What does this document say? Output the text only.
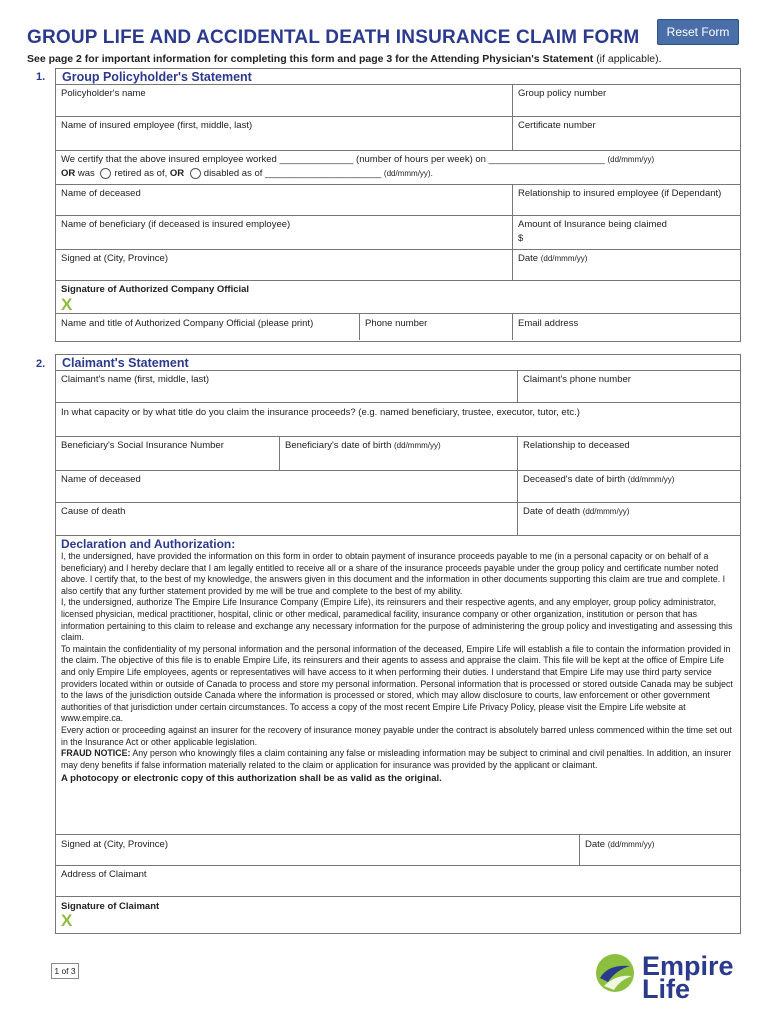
GROUP LIFE AND ACCIDENTAL DEATH INSURANCE CLAIM FORM	Reset Form
See page 2 for important information for completing this form and page 3 for the Attending Physician's Statement (if applicable).
1. Group Policyholder's Statement
Policyholder's name	Group policy number
Name of insured employee (first, middle, last)	Certificate number
We certify that the above insured employee worked ______________ (number of hours per week) on ______________________ (dd/mmm/yy)
OR was retired as of, OR disabled as of ______________________ (dd/mmm/yy).
Name of deceased	Relationship to insured employee (if Dependant)
Name of beneficiary (if deceased is insured employee)	Amount of Insurance being claimed
$
Signed at (City, Province)	Date (dd/mmm/yy)
Signature of Authorized Company Official
X
Name and title of Authorized Company Official (please print)	Phone number	Email address
2. Claimant's Statement
Claimant's name (first, middle, last)	Claimant's phone number
In what capacity or by what title do you claim the insurance proceeds? (e.g. named beneficiary, trustee, executor, tutor, etc.)
Beneficiary's Social Insurance Number	Beneficiary's date of birth (dd/mmm/yy)	Relationship to deceased
Name of deceased	Deceased's date of birth (dd/mmm/yy)
Cause of death	Date of death (dd/mmm/yy)
Declaration and Authorization:
I, the undersigned, have provided the information on this form in order to obtain payment of insurance proceeds payable to me (in a personal capacity or on behalf of a beneficiary) and I hereby declare that I am legally entitled to receive all or a share of the insurance proceeds payable under the group policy and certificate number noted above. I certify that, to the best of my knowledge, the answers given in this document and the information in other documents supporting this claim are true and complete. I also certify that any further statement provided by me will be true and complete to the best of my ability.
I, the undersigned, authorize The Empire Life Insurance Company (Empire Life), its reinsurers and their respective agents, and any employer, group policy administrator, licensed physician, medical practitioner, hospital, clinic or other medical, paramedical facility, insurance company or other organization, institution or person that has information pertaining to this claim to release and exchange any necessary information for the purpose of administering the group policy and investigating and assessing this claim.
To maintain the confidentiality of my personal information and the personal information of the deceased, Empire Life will establish a file to contain the information provided in the claim. The objective of this file is to enable Empire Life, its reinsurers and their agents to assess and appraise the claim. This file will be kept at the office of Empire Life and only Empire Life employees, agents or representatives will have access to it when performing their duties. I understand that Empire Life may use third party service providers located within or outside of Canada to process and store my personal information. Personal information that is processed or stored outside Canada may be subject to the laws of the jurisdiction outside Canada where the information is processed or stored, which may allow disclosure to courts, law enforcement or other government authorities of that jurisdiction under certain circumstances. To access a copy of the most recent Empire Life Privacy Policy, please visit the Empire Life website at www.empire.ca.
Every action or proceeding against an insurer for the recovery of insurance money payable under the contract is absolutely barred unless commenced within the time set out in the Insurance Act or other applicable legislation.
FRAUD NOTICE: Any person who knowingly files a claim containing any false or misleading information may be subject to criminal and civil penalties. In addition, an insurer may deny benefits if false information materially related to the claim or application for insurance was provided by the applicant or claimant.
A photocopy or electronic copy of this authorization shall be as valid as the original.
Signed at (City, Province)	Date (dd/mmm/yy)
Address of Claimant
Signature of Claimant
X
1 of 3	Empire
Life
